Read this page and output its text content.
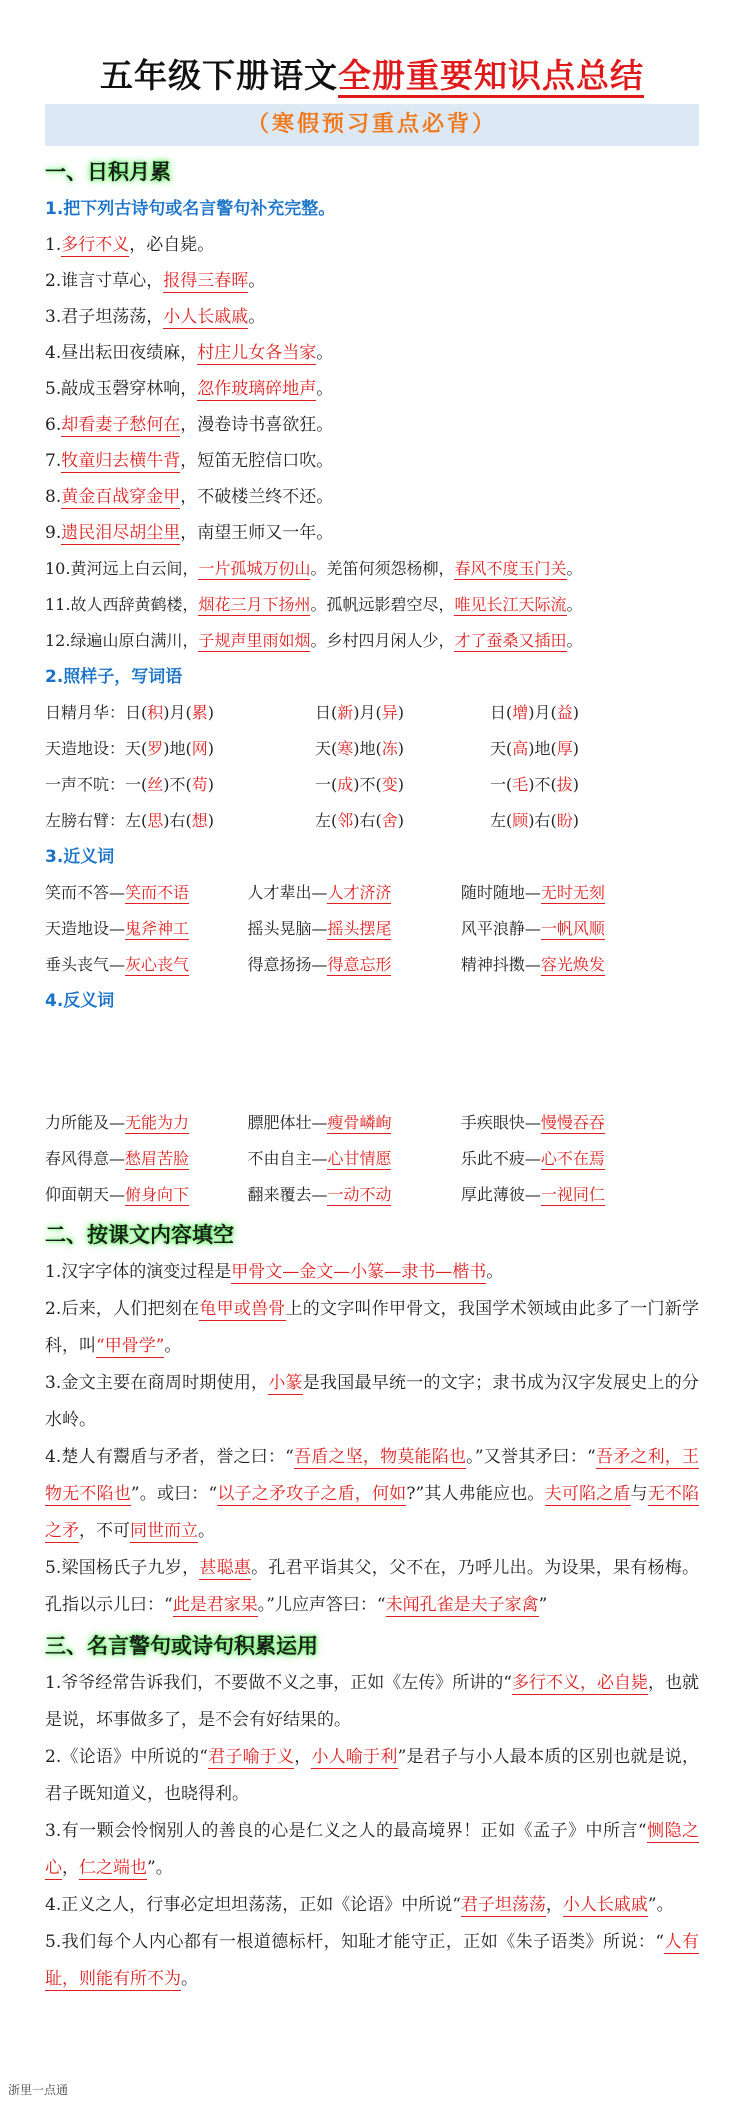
五年级下册语文全册重要知识点总结
（寒假预习重点必背）
一、日积月累
1.把下列古诗句或名言警句补充完整。
1.多行不义，必自毙。
2.谁言寸草心，报得三春晖。
3.君子坦荡荡，小人长戚戚。
4.昼出耘田夜绩麻，村庄儿女各当家。
5.敲成玉磬穿林响，忽作玻璃碎地声。
6.却看妻子愁何在，漫卷诗书喜欲狂。
7.牧童归去横牛背，短笛无腔信口吹。
8.黄金百战穿金甲，不破楼兰终不还。
9.遗民泪尽胡尘里，南望王师又一年。
10.黄河远上白云间，一片孤城万仞山。羌笛何须怨杨柳，春风不度玉门关。
11.故人西辞黄鹤楼，烟花三月下扬州。孤帆远影碧空尽，唯见长江天际流。
12.绿遍山原白满川，子规声里雨如烟。乡村四月闲人少，才了蚕桑又插田。
2.照样子，写词语
日精月华：日(积)月(累)	日(新)月(异)	日(增)月(益)
天造地设：天(罗)地(网)	天(寒)地(冻)	天(高)地(厚)
一声不吭：一(丝)不(苟)	一(成)不(变)	一(毛)不(拔)
左膀右臂：左(思)右(想)	左(邻)右(舍)	左(顾)右(盼)
3.近义词
笑而不答—笑而不语	人才辈出—人才济济	随时随地—无时无刻
天造地设—鬼斧神工	摇头晃脑—摇头摆尾	风平浪静—一帆风顺
垂头丧气—灰心丧气	得意扬扬—得意忘形	精神抖擞—容光焕发
4.反义词
力所能及—无能为力	膘肥体壮—瘦骨嶙峋	手疾眼快—慢慢吞吞
春风得意—愁眉苦脸	不由自主—心甘情愿	乐此不疲—心不在焉
仰面朝天—俯身向下	翻来覆去—一动不动	厚此薄彼—一视同仁
二、按课文内容填空
1.汉字字体的演变过程是甲骨文—金文—小篆—隶书—楷书。
2.后来，人们把刻在龟甲或兽骨上的文字叫作甲骨文，我国学术领域由此多了一门新学科，叫“甲骨学”。
3.金文主要在商周时期使用，小篆是我国最早统一的文字；隶书成为汉字发展史上的分水岭。
4.楚人有鬻盾与矛者，誉之曰：“吾盾之坚，物莫能陷也。”又誉其矛曰：“吾矛之利，王物无不陷也”。或曰：“以子之矛攻子之盾，何如?”其人弗能应也。夫可陷之盾与无不陷之矛，不可同世而立。
5.梁国杨氏子九岁，甚聪惠。孔君平诣其父，父不在，乃呼儿出。为设果，果有杨梅。孔指以示儿曰：“此是君家果。”儿应声答曰：“未闻孔雀是夫子家禽”
三、名言警句或诗句积累运用
1.爷爷经常告诉我们，不要做不义之事，正如《左传》所讲的“多行不义，必自毙，也就是说，坏事做多了，是不会有好结果的。
2.《论语》中所说的“君子喻于义，小人喻于利”是君子与小人最本质的区别也就是说，君子既知道义，也晓得利。
3.有一颗会怜悯别人的善良的心是仁义之人的最高境界！正如《孟子》中所言“恻隐之心，仁之端也”。
4.正义之人，行事必定坦坦荡荡，正如《论语》中所说“君子坦荡荡，小人长戚戚”。
5.我们每个人内心都有一根道德标杆，知耻才能守正，正如《朱子语类》所说：“人有耻，则能有所不为。
浙里一点通
